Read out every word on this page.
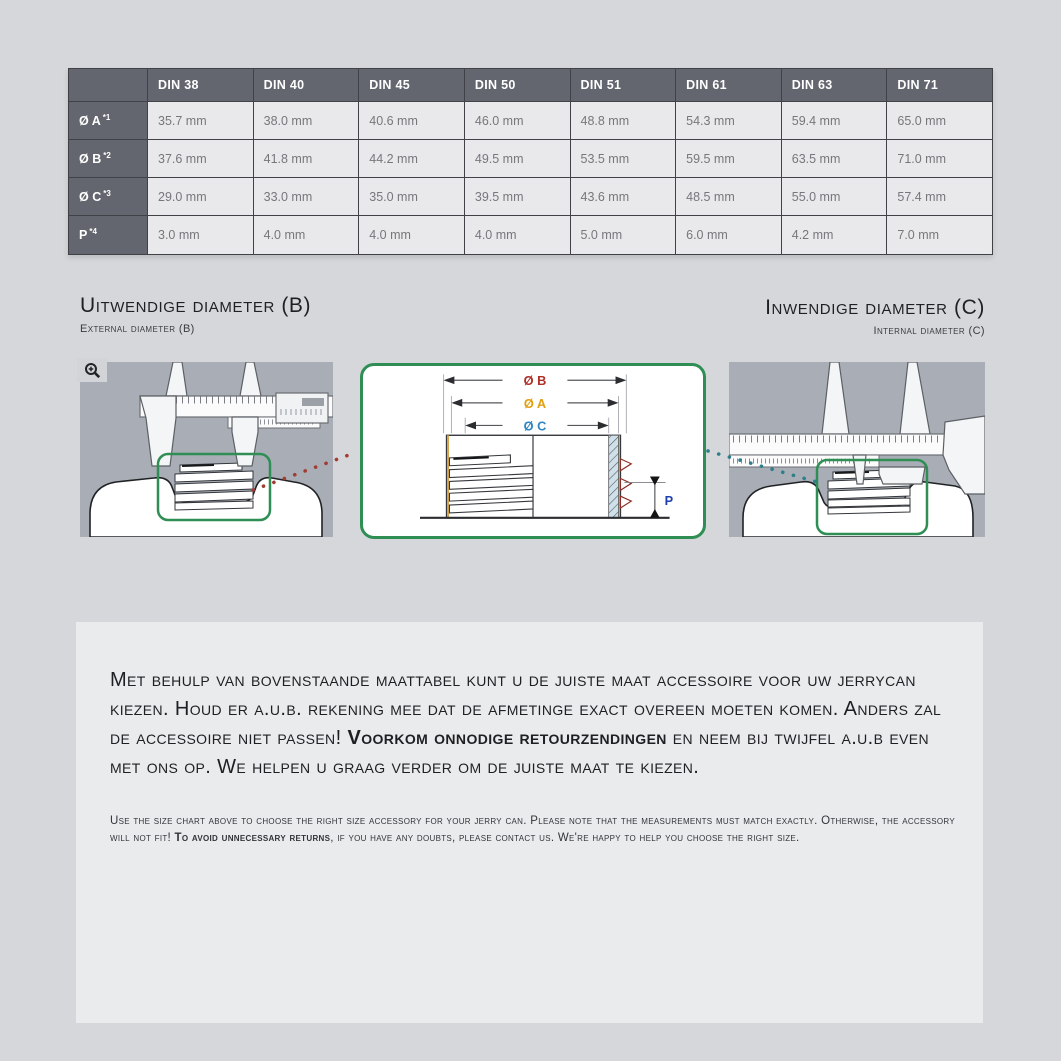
	DIN 38	DIN 40	DIN 45	DIN 50	DIN 51	DIN 61	DIN 63	DIN 71
Ø A $^{*1}$	35.7 mm	38.0 mm	40.6 mm	46.0 mm	48.8 mm	54.3 mm	59.4 mm	65.0 mm
Ø B $^{*2}$	37.6 mm	41.8 mm	44.2 mm	49.5 mm	53.5 mm	59.5 mm	63.5 mm	71.0 mm
Ø C $^{*3}$	29.0 mm	33.0 mm	35.0 mm	39.5 mm	43.6 mm	48.5 mm	55.0 mm	57.4 mm
P $^{*4}$	3.0 mm	4.0 mm	4.0 mm	4.0 mm	5.0 mm	6.0 mm	4.2 mm	7.0 mm
Uitwendige diameter (B)
External diameter (B)
Inwendige diameter (C)
Internal diameter (C)
Ø B
Ø A
Ø C
P

Met behulp van bovenstaande maattabel kunt u de juiste maat accessoire voor uw jerrycan kiezen. Houd er a.u.b. rekening mee dat de afmetinge exact overeen moeten komen. Anders zal de accessoire niet passen! Voorkom onnodige retourzendingen en neem bij twijfel a.u.b even met ons op. We helpen u graag verder om de juiste maat te kiezen.

Use the size chart above to choose the right size accessory for your jerry can. Please note that the measurements must match exactly. Otherwise, the accessory will not fit! To avoid unnecessary returns, if you have any doubts, please contact us. We're happy to help you choose the right size.
